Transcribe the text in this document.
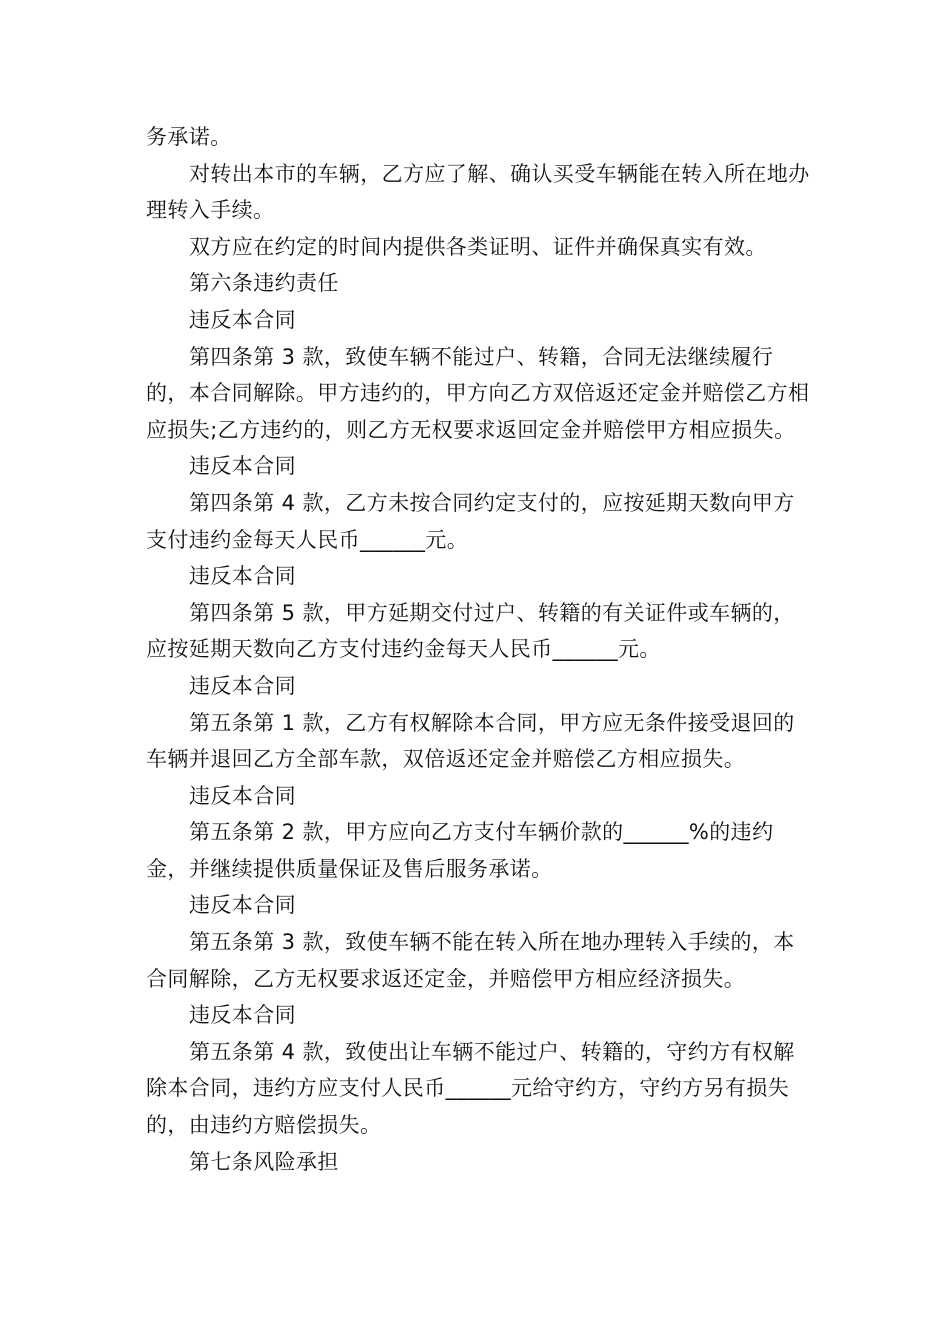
务承诺。

对转出本市的车辆，乙方应了解、确认买受车辆能在转入所在地办理转入手续。

双方应在约定的时间内提供各类证明、证件并确保真实有效。

第六条违约责任

违反本合同

第四条第 3 款，致使车辆不能过户、转籍，合同无法继续履行的，本合同解除。甲方违约的，甲方向乙方双倍返还定金并赔偿乙方相应损失;乙方违约的，则乙方无权要求返回定金并赔偿甲方相应损失。

违反本合同

第四条第 4 款，乙方未按合同约定支付的，应按延期天数向甲方支付违约金每天人民币______元。

违反本合同

第四条第 5 款，甲方延期交付过户、转籍的有关证件或车辆的，应按延期天数向乙方支付违约金每天人民币______元。

违反本合同

第五条第 1 款，乙方有权解除本合同，甲方应无条件接受退回的车辆并退回乙方全部车款，双倍返还定金并赔偿乙方相应损失。

违反本合同

第五条第 2 款，甲方应向乙方支付车辆价款的______%的违约金，并继续提供质量保证及售后服务承诺。

违反本合同

第五条第 3 款，致使车辆不能在转入所在地办理转入手续的，本合同解除，乙方无权要求返还定金，并赔偿甲方相应经济损失。

违反本合同

第五条第 4 款，致使出让车辆不能过户、转籍的，守约方有权解除本合同，违约方应支付人民币______元给守约方，守约方另有损失的，由违约方赔偿损失。

第七条风险承担
